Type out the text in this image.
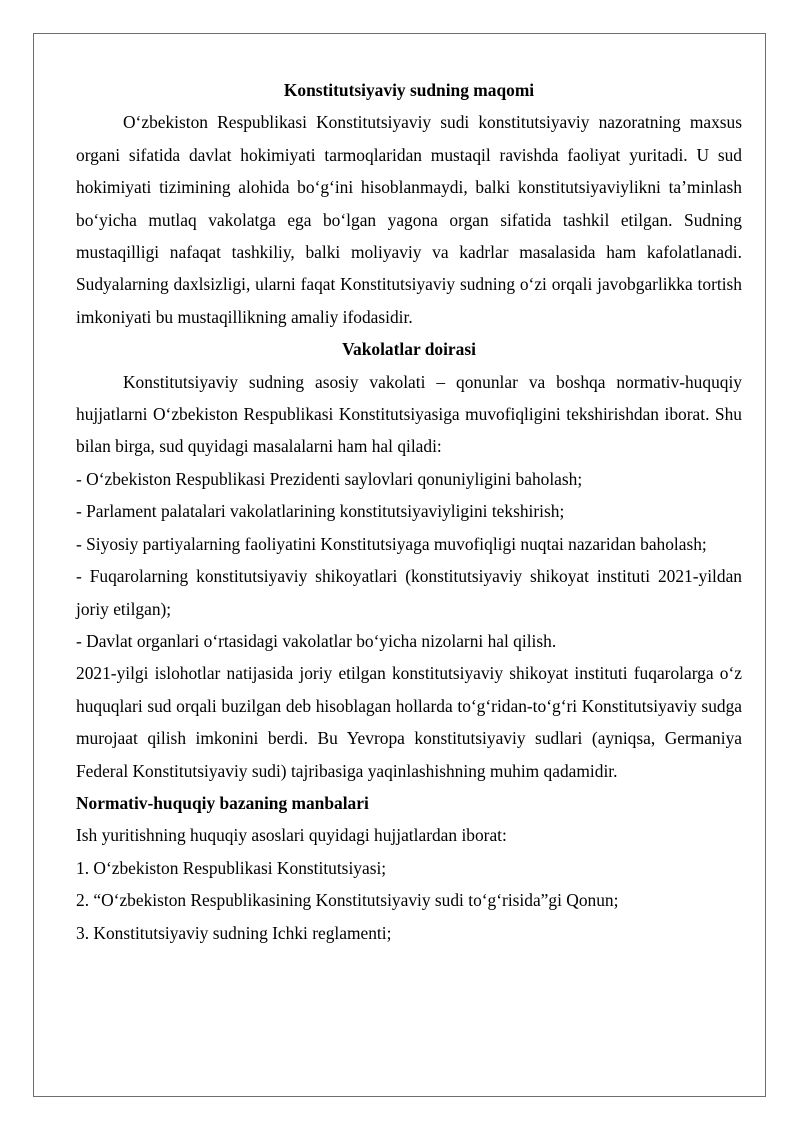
Konstitutsiyaviy sudning maqomi

O‘zbekiston Respublikasi Konstitutsiyaviy sudi konstitutsiyaviy nazoratning maxsus organi sifatida davlat hokimiyati tarmoqlaridan mustaqil ravishda faoliyat yuritadi. U sud hokimiyati tizimining alohida bo‘g‘ini hisoblanmaydi, balki konstitutsiyaviylikni ta’minlash bo‘yicha mutlaq vakolatga ega bo‘lgan yagona organ sifatida tashkil etilgan. Sudning mustaqilligi nafaqat tashkiliy, balki moliyaviy va kadrlar masalasida ham kafolatlanadi. Sudyalarning daxlsizligi, ularni faqat Konstitutsiyaviy sudning o‘zi orqali javobgarlikka tortish imkoniyati bu mustaqillikning amaliy ifodasidir.

Vakolatlar doirasi

Konstitutsiyaviy sudning asosiy vakolati – qonunlar va boshqa normativ-huquqiy hujjatlarni O‘zbekiston Respublikasi Konstitutsiyasiga muvofiqligini tekshirishdan iborat. Shu bilan birga, sud quyidagi masalalarni ham hal qiladi:

- O‘zbekiston Respublikasi Prezidenti saylovlari qonuniyligini baholash;

- Parlament palatalari vakolatlarining konstitutsiyaviyligini tekshirish;

- Siyosiy partiyalarning faoliyatini Konstitutsiyaga muvofiqligi nuqtai nazaridan baholash;

- Fuqarolarning konstitutsiyaviy shikoyatlari (konstitutsiyaviy shikoyat instituti 2021-yildan joriy etilgan);

- Davlat organlari o‘rtasidagi vakolatlar bo‘yicha nizolarni hal qilish.

2021-yilgi islohotlar natijasida joriy etilgan konstitutsiyaviy shikoyat instituti fuqarolarga o‘z huquqlari sud orqali buzilgan deb hisoblagan hollarda to‘g‘ridan-to‘g‘ri Konstitutsiyaviy sudga murojaat qilish imkonini berdi. Bu Yevropa konstitutsiyaviy sudlari (ayniqsa, Germaniya Federal Konstitutsiyaviy sudi) tajribasiga yaqinlashishning muhim qadamidir.

Normativ-huquqiy bazaning manbalari

Ish yuritishning huquqiy asoslari quyidagi hujjatlardan iborat:

1. O‘zbekiston Respublikasi Konstitutsiyasi;

2. “O‘zbekiston Respublikasining Konstitutsiyaviy sudi to‘g‘risida”gi Qonun;

3. Konstitutsiyaviy sudning Ichki reglamenti;
